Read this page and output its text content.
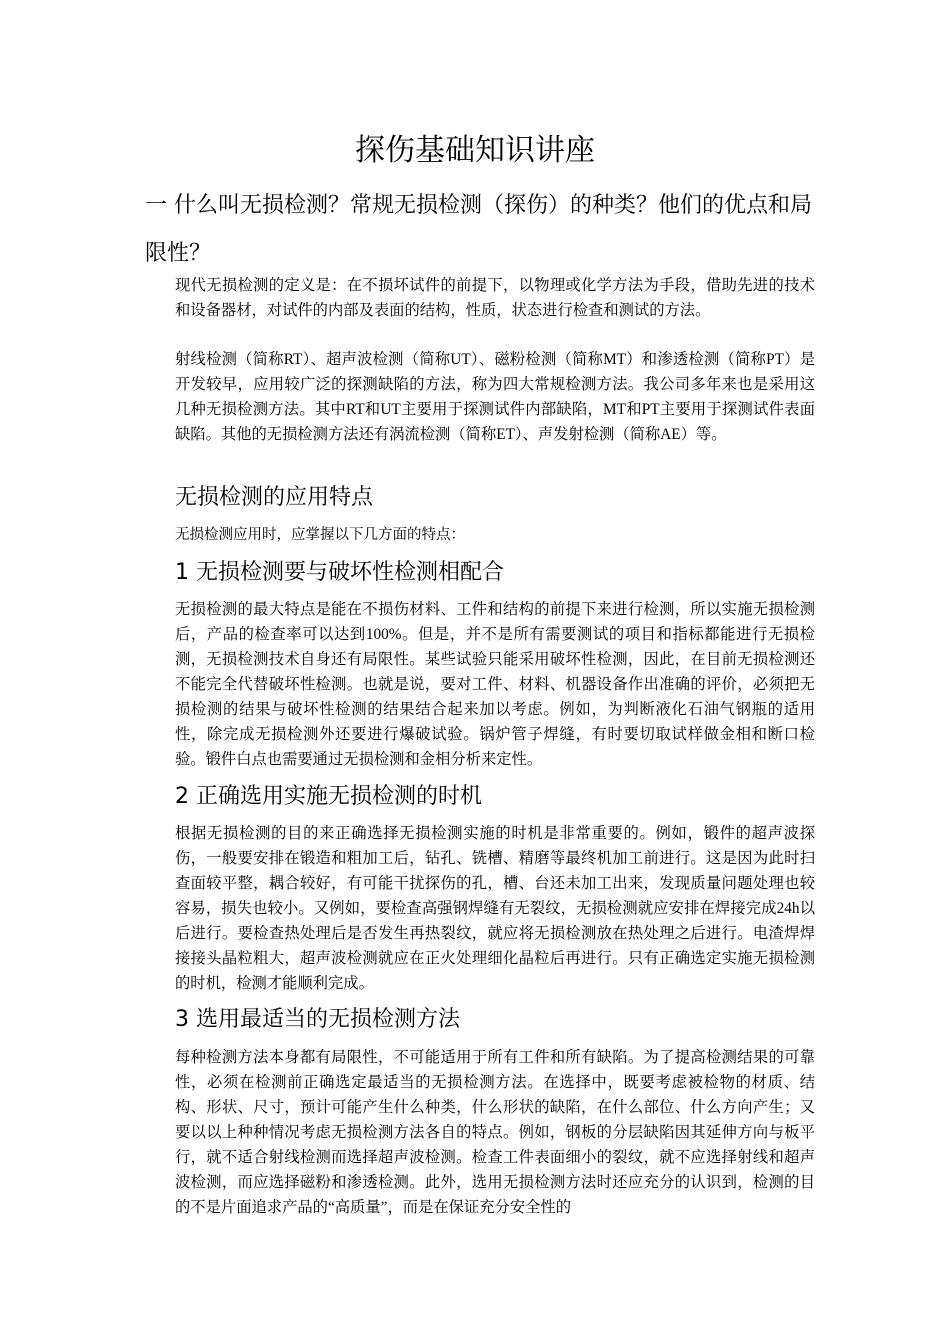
探伤基础知识讲座
一 什么叫无损检测？常规无损检测（探伤）的种类？他们的优点和局限性？
现代无损检测的定义是：在不损坏试件的前提下，以物理或化学方法为手段，借助先进的技术和设备器材，对试件的内部及表面的结构，性质，状态进行检查和测试的方法。
射线检测（简称RT）、超声波检测（简称UT）、磁粉检测（简称MT）和渗透检测（简称PT）是开发较早，应用较广泛的探测缺陷的方法，称为四大常规检测方法。我公司多年来也是采用这几种无损检测方法。其中RT和UT主要用于探测试件内部缺陷，MT和PT主要用于探测试件表面缺陷。其他的无损检测方法还有涡流检测（简称ET）、声发射检测（简称AE）等。
无损检测的应用特点
无损检测应用时，应掌握以下几方面的特点：
1 无损检测要与破坏性检测相配合
无损检测的最大特点是能在不损伤材料、工件和结构的前提下来进行检测，所以实施无损检测后，产品的检查率可以达到100%。但是，并不是所有需要测试的项目和指标都能进行无损检测，无损检测技术自身还有局限性。某些试验只能采用破坏性检测，因此，在目前无损检测还不能完全代替破坏性检测。也就是说，要对工件、材料、机器设备作出准确的评价，必须把无损检测的结果与破坏性检测的结果结合起来加以考虑。例如，为判断液化石油气钢瓶的适用性，除完成无损检测外还要进行爆破试验。锅炉管子焊缝，有时要切取试样做金相和断口检验。锻件白点也需要通过无损检测和金相分析来定性。
2 正确选用实施无损检测的时机
根据无损检测的目的来正确选择无损检测实施的时机是非常重要的。例如，锻件的超声波探伤，一般要安排在锻造和粗加工后，钻孔、铣槽、精磨等最终机加工前进行。这是因为此时扫查面较平整，耦合较好，有可能干扰探伤的孔，槽、台还未加工出来，发现质量问题处理也较容易，损失也较小。又例如，要检查高强钢焊缝有无裂纹，无损检测就应安排在焊接完成24h以后进行。要检查热处理后是否发生再热裂纹，就应将无损检测放在热处理之后进行。电渣焊焊接接头晶粒粗大，超声波检测就应在正火处理细化晶粒后再进行。只有正确选定实施无损检测的时机，检测才能顺利完成。
3 选用最适当的无损检测方法
每种检测方法本身都有局限性，不可能适用于所有工件和所有缺陷。为了提高检测结果的可靠性，必须在检测前正确选定最适当的无损检测方法。在选择中，既要考虑被检物的材质、结构、形状、尺寸，预计可能产生什么种类，什么形状的缺陷，在什么部位、什么方向产生；又要以以上种种情况考虑无损检测方法各自的特点。例如，钢板的分层缺陷因其延伸方向与板平行，就不适合射线检测而选择超声波检测。检查工件表面细小的裂纹，就不应选择射线和超声波检测，而应选择磁粉和渗透检测。此外，选用无损检测方法时还应充分的认识到，检测的目的不是片面追求产品的“高质量”，而是在保证充分安全性的
